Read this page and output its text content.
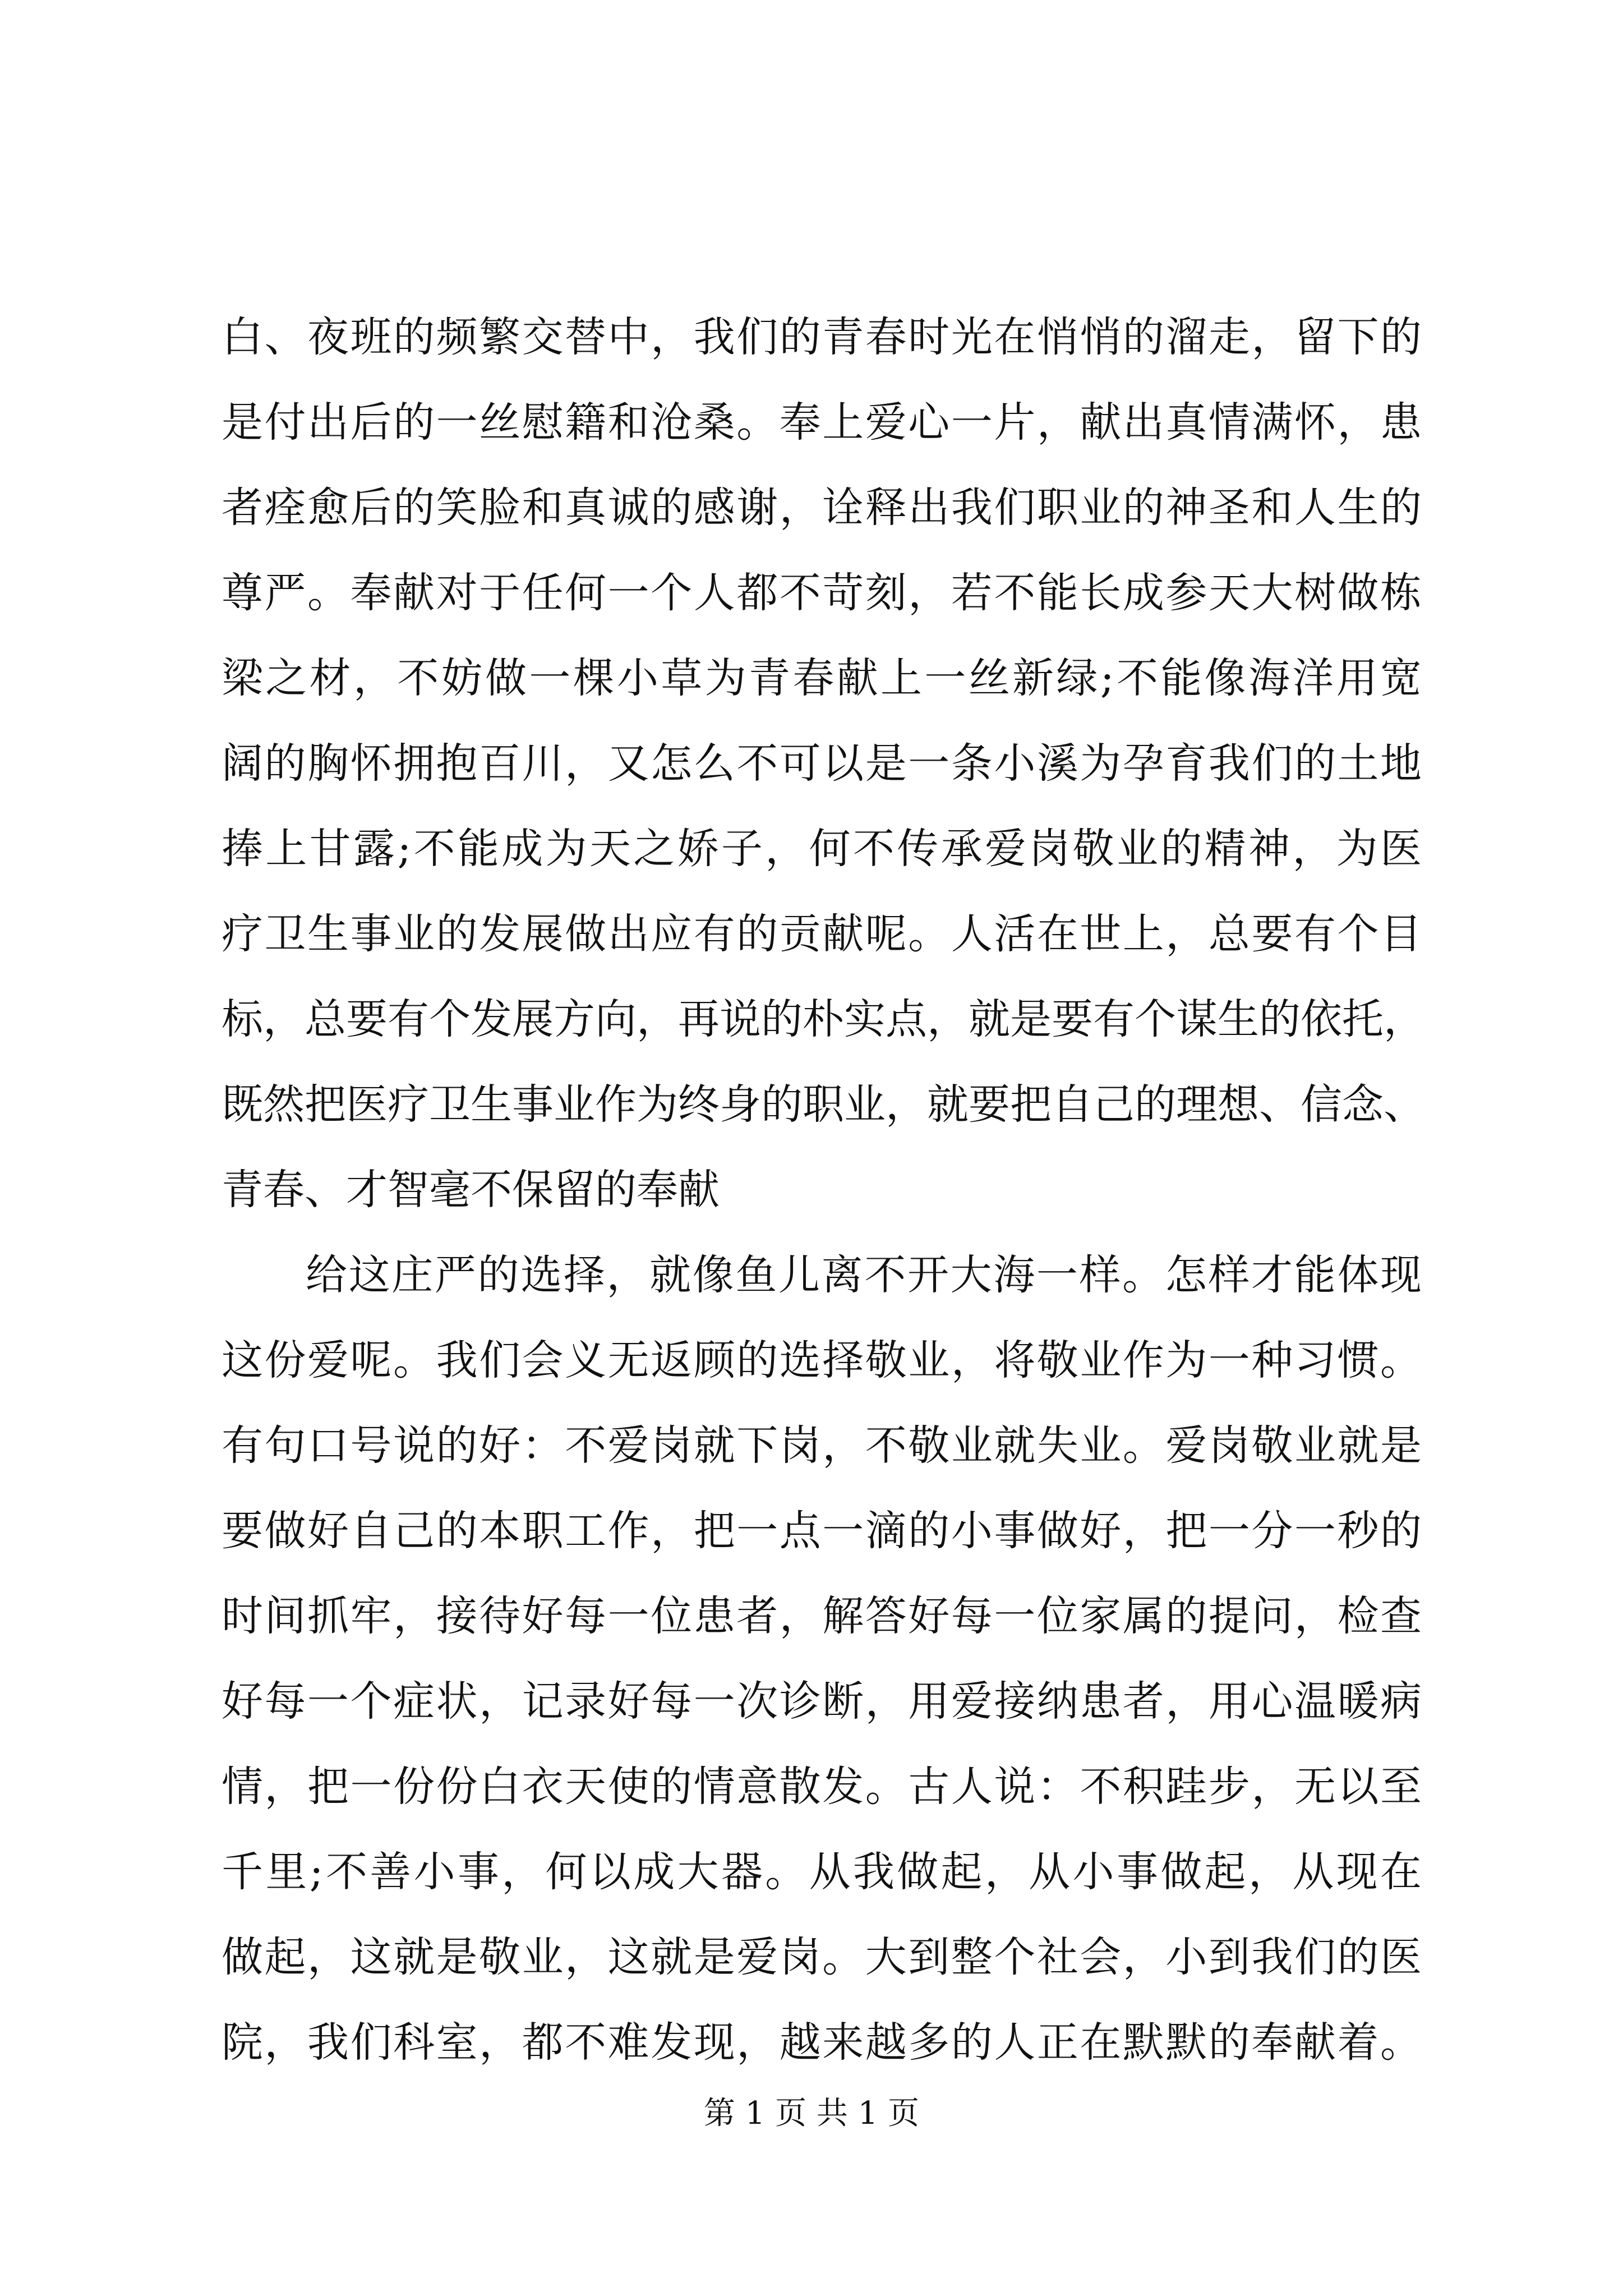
白、夜班的频繁交替中，我们的青春时光在悄悄的溜走，留下的
是付出后的一丝慰籍和沧桑。奉上爱心一片，献出真情满怀，患
者痊愈后的笑脸和真诚的感谢，诠释出我们职业的神圣和人生的
尊严。奉献对于任何一个人都不苛刻，若不能长成参天大树做栋
梁之材，不妨做一棵小草为青春献上一丝新绿;不能像海洋用宽
阔的胸怀拥抱百川，又怎么不可以是一条小溪为孕育我们的土地
捧上甘露;不能成为天之娇子，何不传承爱岗敬业的精神，为医
疗卫生事业的发展做出应有的贡献呢。人活在世上，总要有个目
标，总要有个发展方向，再说的朴实点，就是要有个谋生的依托，
既然把医疗卫生事业作为终身的职业，就要把自己的理想、信念、
青春、才智毫不保留的奉献
给这庄严的选择，就像鱼儿离不开大海一样。怎样才能体现
这份爱呢。我们会义无返顾的选择敬业，将敬业作为一种习惯。
有句口号说的好：不爱岗就下岗，不敬业就失业。爱岗敬业就是
要做好自己的本职工作，把一点一滴的小事做好，把一分一秒的
时间抓牢，接待好每一位患者，解答好每一位家属的提问，检查
好每一个症状，记录好每一次诊断，用爱接纳患者，用心温暖病
情，把一份份白衣天使的情意散发。古人说：不积跬步，无以至
千里;不善小事，何以成大器。从我做起，从小事做起，从现在
做起，这就是敬业，这就是爱岗。大到整个社会，小到我们的医
院，我们科室，都不难发现，越来越多的人正在默默的奉献着。
第 1 页 共 1 页
